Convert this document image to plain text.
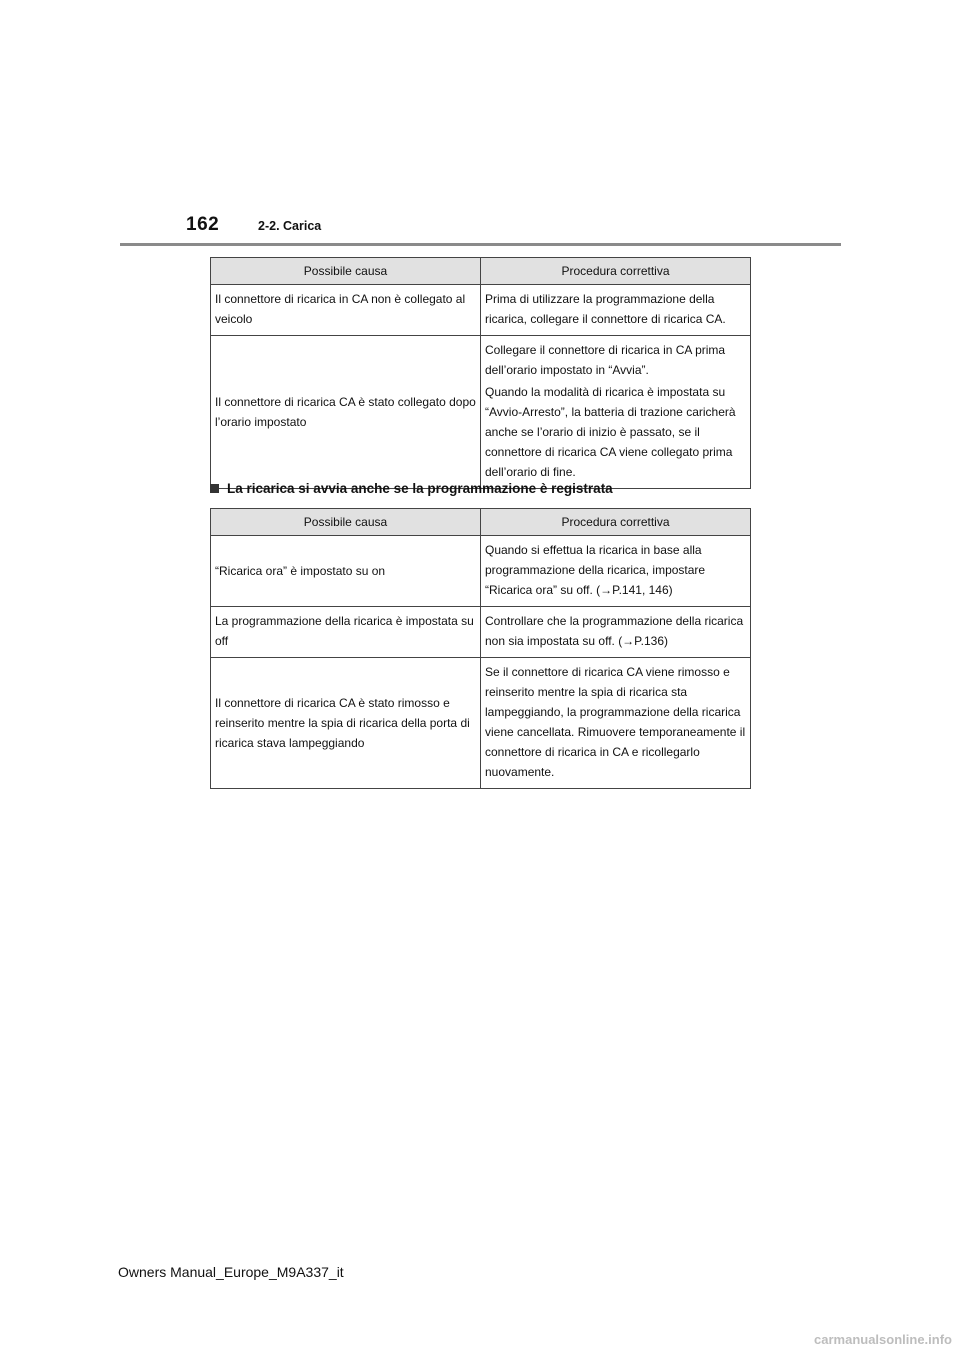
162	2-2. Carica
Possibile causa	Procedura correttiva
Il connettore di ricarica in CA non è collegato al veicolo	Prima di utilizzare la programmazione della ricarica, collegare il connettore di ricarica CA.

Il connettore di ricarica CA è stato collegato dopo l’orario impostato	Collegare il connettore di ricarica in CA prima dell’orario impostato in “Avvia”.

Quando la modalità di ricarica è impostata su “Avvio-Arresto”, la batteria di trazione caricherà anche se l’orario di inizio è passato, se il connettore di ricarica CA viene collegato prima dell’orario di fine.

La ricarica si avvia anche se la programmazione è registrata
Possibile causa	Procedura correttiva
“Ricarica ora” è impostato su on	Quando si effettua la ricarica in base alla programmazione della ricarica, impostare “Ricarica ora” su off. (→P.141, 146)

La programmazione della ricarica è impostata su off	Controllare che la programmazione della ricarica non sia impostata su off. (→P.136)

Il connettore di ricarica CA è stato rimosso e reinserito mentre la spia di ricarica della porta di ricarica stava lampeggiando	Se il connettore di ricarica CA viene rimosso e reinserito mentre la spia di ricarica sta lampeggiando, la programmazione della ricarica viene cancellata. Rimuovere temporaneamente il connettore di ricarica in CA e ricollegarlo nuovamente.

Owners Manual_Europe_M9A337_it
carmanualsonline.info
